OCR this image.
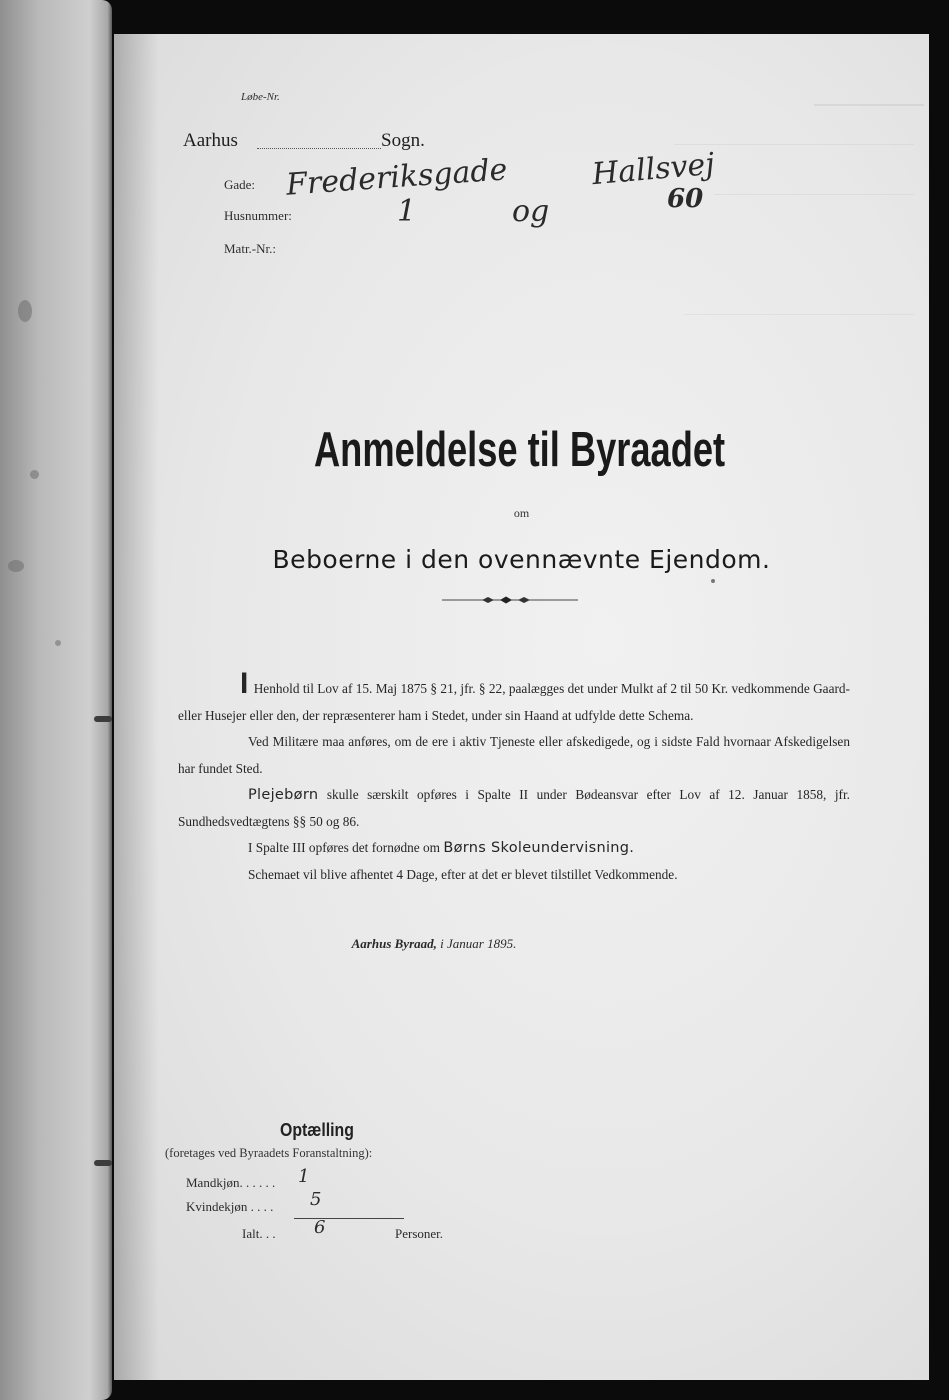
Løbe-Nr.
Aarhus	Sogn.
Gade: Frederiksgade	Hallsvej
Husnummer:	1	og	60
Matr.-Nr.:
Anmeldelse til Byraadet
om
Beboerne i den ovennævnte Ejendom.

I Henhold til Lov af 15. Maj 1875 § 21, jfr. § 22, paalægges det under Mulkt af 2 til 50 Kr. vedkommende Gaard- eller Husejer eller den, der repræsenterer ham i Stedet, under sin Haand at udfylde dette Schema.

Ved Militære maa anføres, om de ere i aktiv Tjeneste eller afskedigede, og i sidste Fald hvornaar Afskedigelsen har fundet Sted.

Plejebørn skulle særskilt opføres i Spalte II under Bødeansvar efter Lov af 12. Januar 1858, jfr. Sundhedsvedtægtens §§ 50 og 86.

I Spalte III opføres det fornødne om Børns Skoleundervisning.

Schemaet vil blive afhentet 4 Dage, efter at det er blevet tilstillet Vedkommende.

Aarhus Byraad, i Januar 1895.
Optælling
(foretages ved Byraadets Foranstaltning):
Mandkjøn. . . . . . 1
Kvindekjøn . . . . 5
Ialt. . . 6	Personer.
